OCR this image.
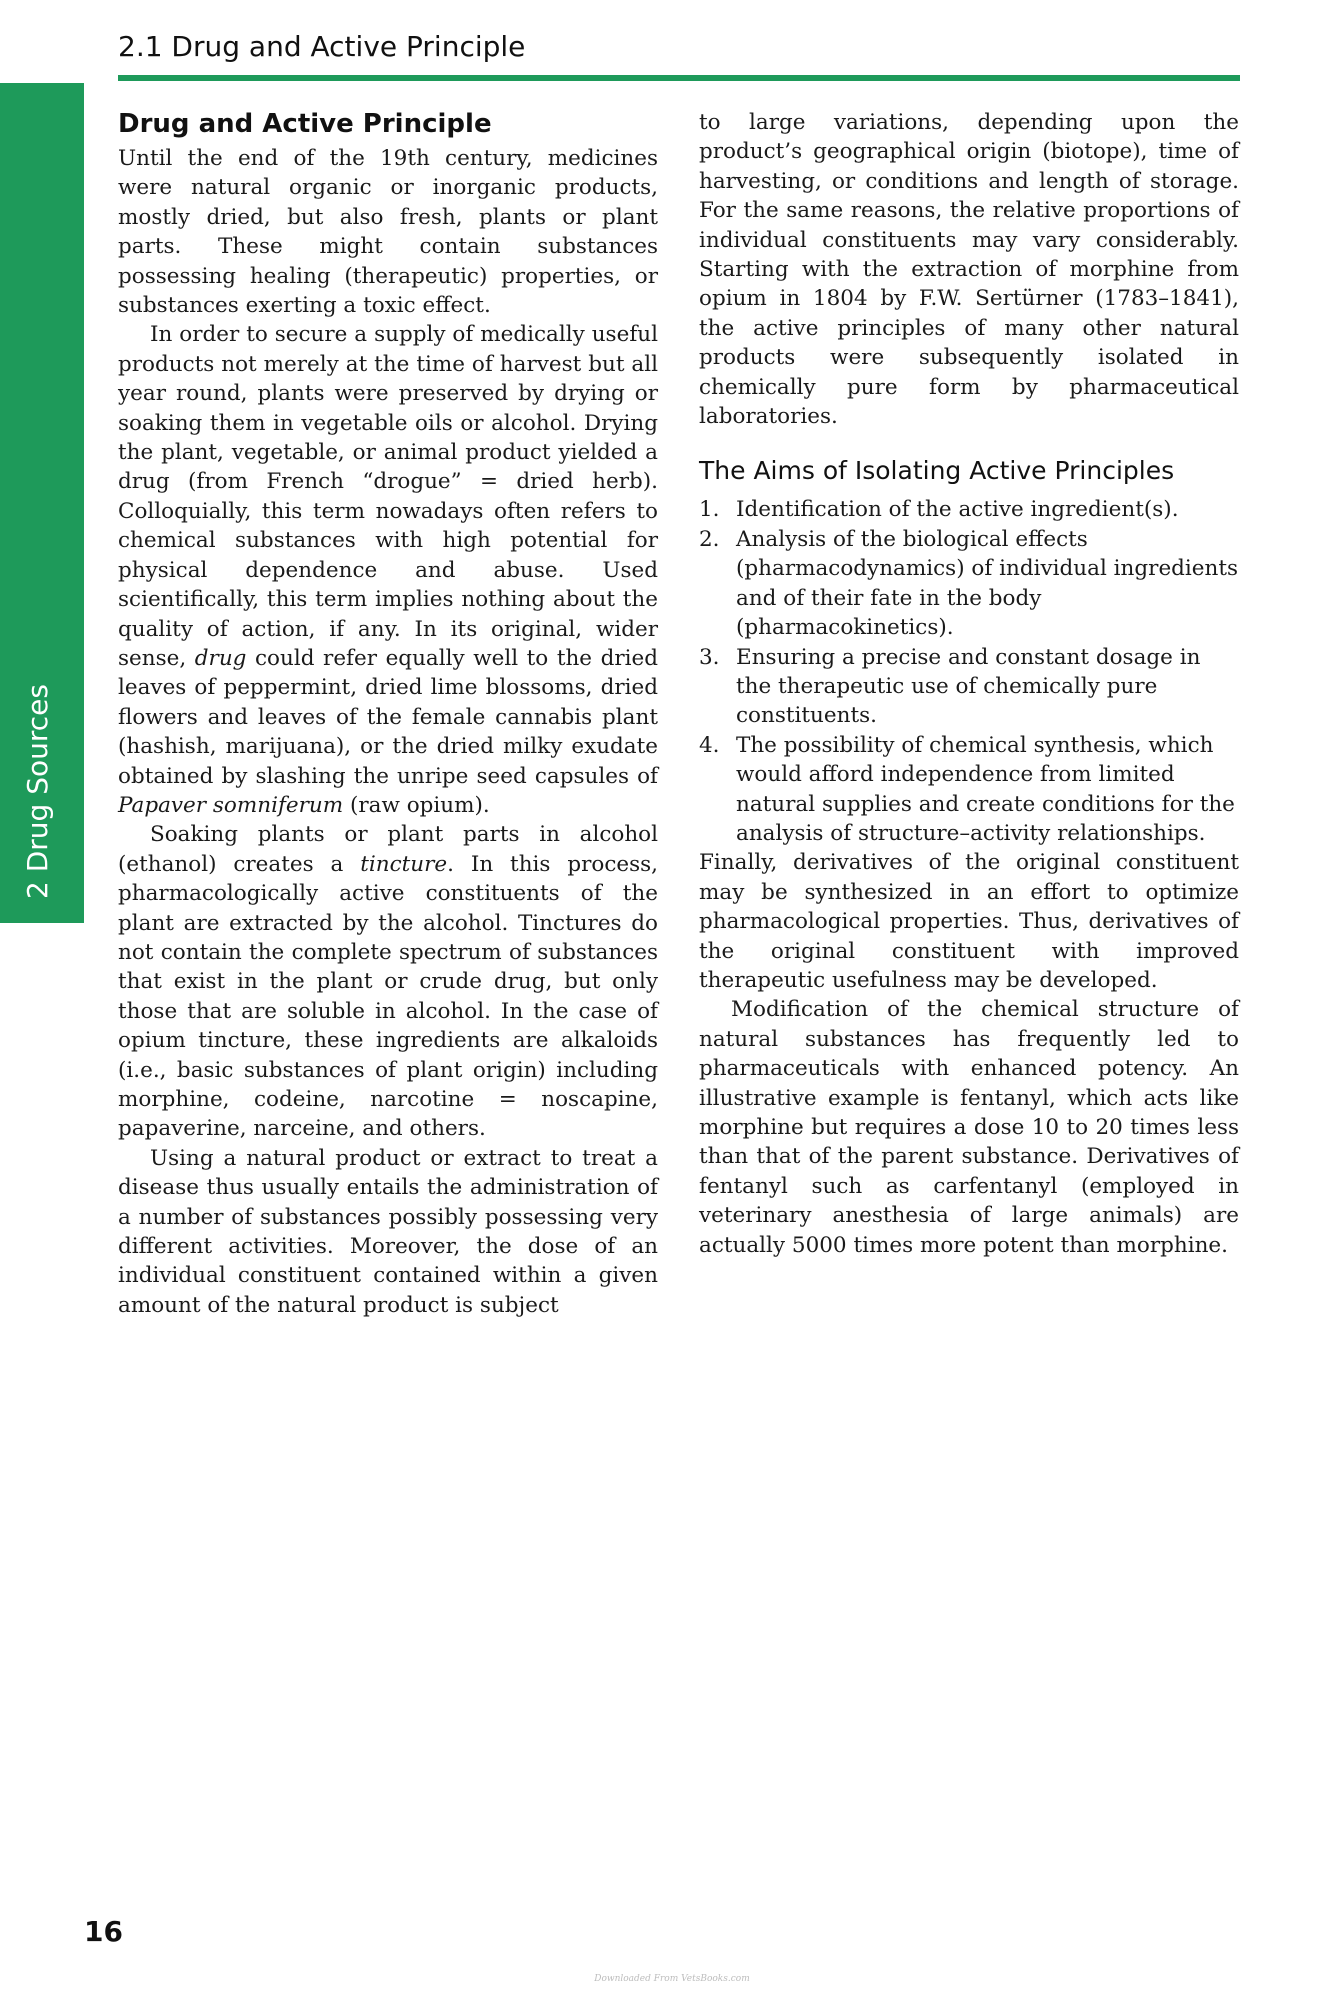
2.1 Drug and Active Principle
2 Drug Sources
Drug and Active Principle

Until the end of the 19th century, medicines were natural organic or inorganic products, mostly dried, but also fresh, plants or plant parts. These might contain substances possessing healing (therapeutic) properties, or substances exerting a toxic effect.

In order to secure a supply of medically useful products not merely at the time of harvest but all year round, plants were preserved by drying or soaking them in vegetable oils or alcohol. Drying the plant, vegetable, or animal product yielded a drug (from French “drogue” = dried herb). Colloquially, this term nowadays often refers to chemical substances with high potential for physical dependence and abuse. Used scientifically, this term implies nothing about the quality of action, if any. In its original, wider sense, drug could refer equally well to the dried leaves of peppermint, dried lime blossoms, dried flowers and leaves of the female cannabis plant (hashish, marijuana), or the dried milky exudate obtained by slashing the unripe seed capsules of Papaver somniferum (raw opium).

Soaking plants or plant parts in alcohol (ethanol) creates a tincture. In this process, pharmacologically active constituents of the plant are extracted by the alcohol. Tinctures do not contain the complete spectrum of substances that exist in the plant or crude drug, but only those that are soluble in alcohol. In the case of opium tincture, these ingredients are alkaloids (i.e., basic substances of plant origin) including morphine, codeine, narcotine = noscapine, papaverine, narceine, and others.

Using a natural product or extract to treat a disease thus usually entails the administration of a number of substances possibly possessing very different activities. Moreover, the dose of an individual constituent contained within a given amount of the natural product is subject

to large variations, depending upon the product’s geographical origin (biotope), time of harvesting, or conditions and length of storage. For the same reasons, the relative proportions of individual constituents may vary considerably. Starting with the extraction of morphine from opium in 1804 by F.W. Sertürner (1783–1841), the active principles of many other natural products were subsequently isolated in chemically pure form by pharmaceutical laboratories.

The Aims of Isolating Active Principles
1. Identification of the active ingredient(s).
2. Analysis of the biological effects (pharmacodynamics) of individual ingredients and of their fate in the body (pharmacokinetics).
3. Ensuring a precise and constant dosage in the therapeutic use of chemically pure constituents.
4. The possibility of chemical synthesis, which would afford independence from limited natural supplies and create conditions for the analysis of structure–activity relationships.

Finally, derivatives of the original constituent may be synthesized in an effort to optimize pharmacological properties. Thus, derivatives of the original constituent with improved therapeutic usefulness may be developed.

Modification of the chemical structure of natural substances has frequently led to pharmaceuticals with enhanced potency. An illustrative example is fentanyl, which acts like morphine but requires a dose 10 to 20 times less than that of the parent substance. Derivatives of fentanyl such as carfentanyl (employed in veterinary anesthesia of large animals) are actually 5000 times more potent than morphine.

16
Downloaded From VetsBooks.com
